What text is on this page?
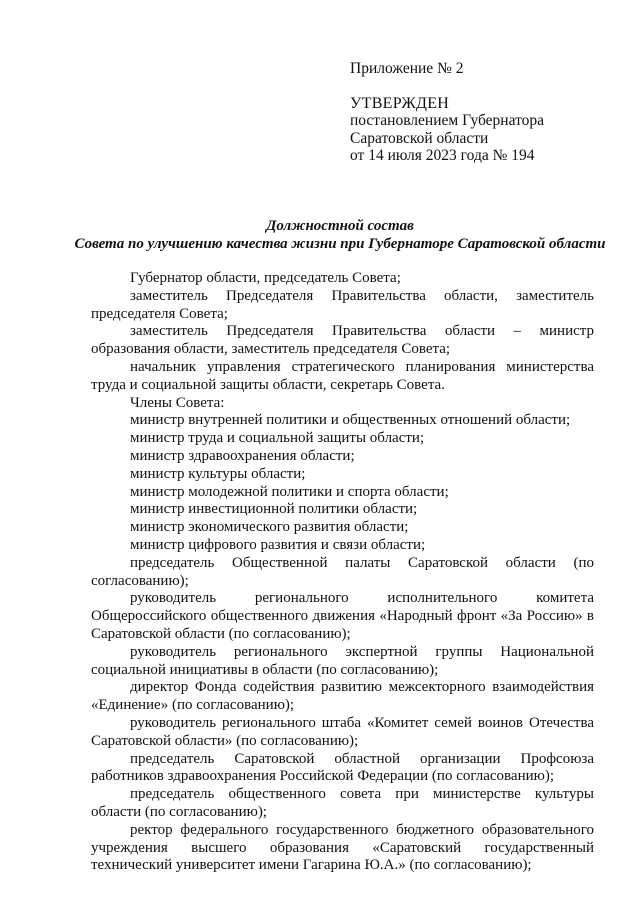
Приложение № 2
УТВЕРЖДЕН
постановлением Губернатора
Саратовской области
от 14 июля 2023 года № 194
Должностной состав
Совета по улучшению качества жизни при Губернаторе Саратовской области

Губернатор области, председатель Совета;

заместитель Председателя Правительства области, заместитель председателя Совета;

заместитель Председателя Правительства области – министр образования области, заместитель председателя Совета;

начальник управления стратегического планирования министерства труда и социальной защиты области, секретарь Совета.

Члены Совета:

министр внутренней политики и общественных отношений области;

министр труда и социальной защиты области;

министр здравоохранения области;

министр культуры области;

министр молодежной политики и спорта области;

министр инвестиционной политики области;

министр экономического развития области;

министр цифрового развития и связи области;

председатель Общественной палаты Саратовской области (по согласованию);

руководитель регионального исполнительного комитета Общероссийского общественного движения «Народный фронт «За Россию» в Саратовской области (по согласованию);

руководитель регионального экспертной группы Национальной социальной инициативы в области (по согласованию);

директор Фонда содействия развитию межсекторного взаимодействия «Единение» (по согласованию);

руководитель регионального штаба «Комитет семей воинов Отечества Саратовской области» (по согласованию);

председатель Саратовской областной организации Профсоюза работников здравоохранения Российской Федерации (по согласованию);

председатель общественного совета при министерстве культуры области (по согласованию);

ректор федерального государственного бюджетного образовательного учреждения высшего образования «Саратовский государственный технический университет имени Гагарина Ю.А.» (по согласованию);
